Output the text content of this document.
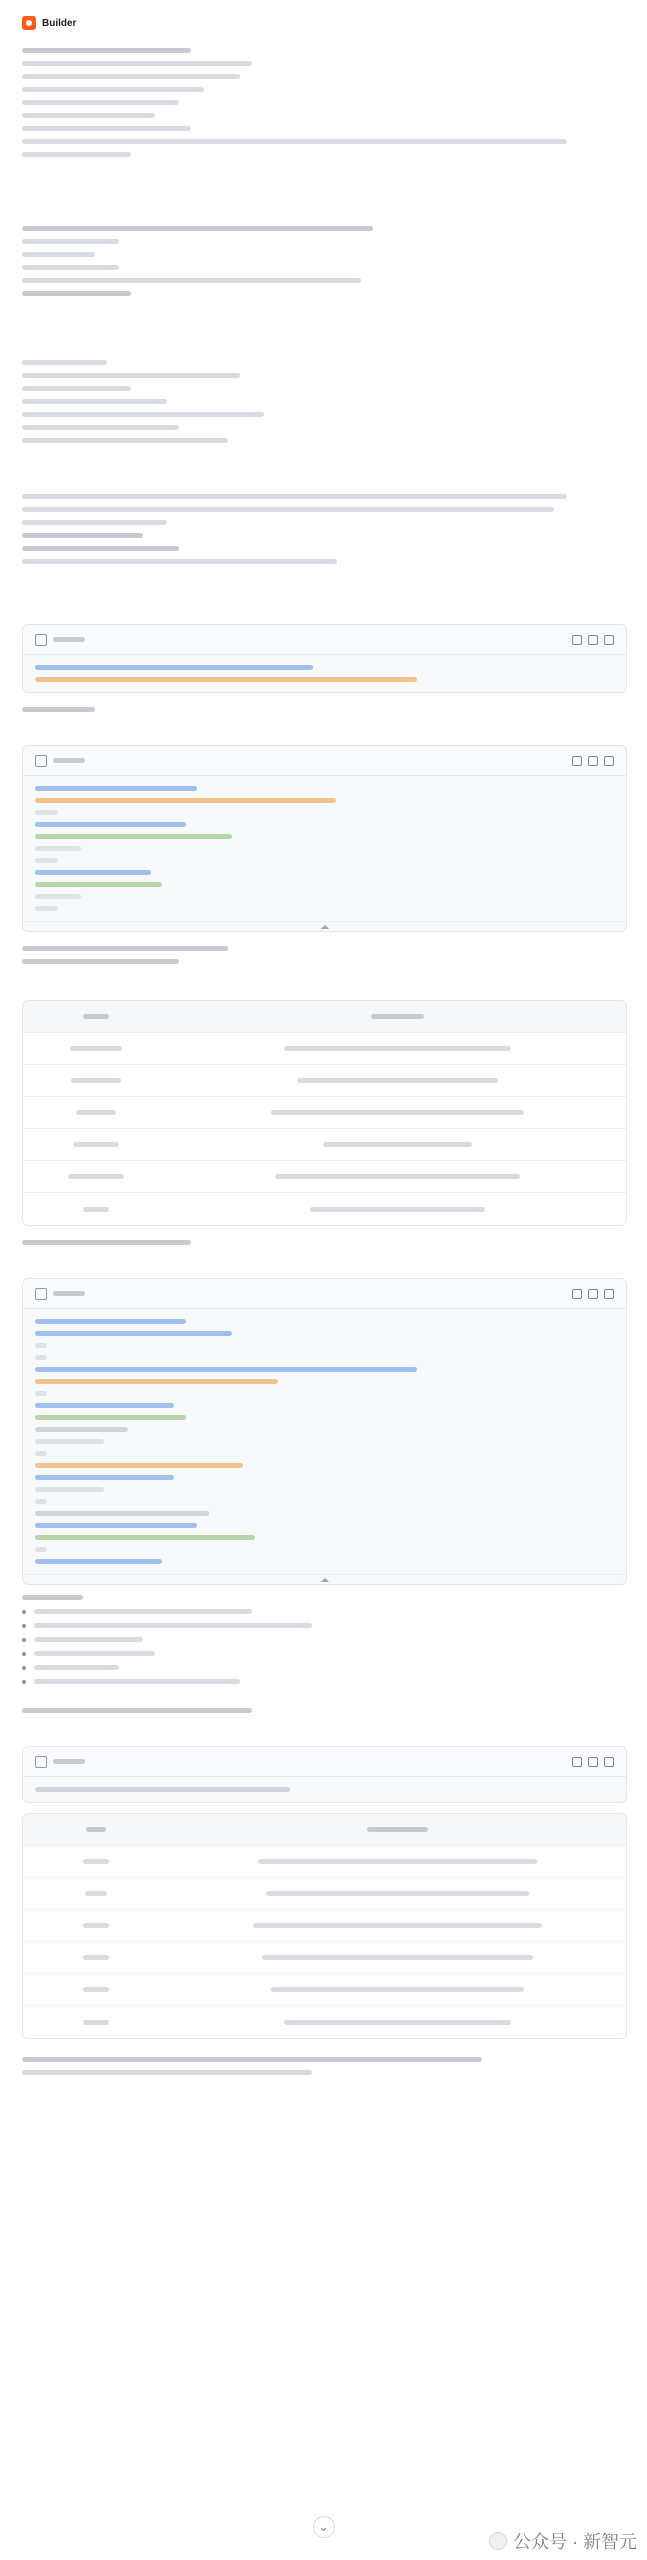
Builder
⌄
公众号 · 新智元
